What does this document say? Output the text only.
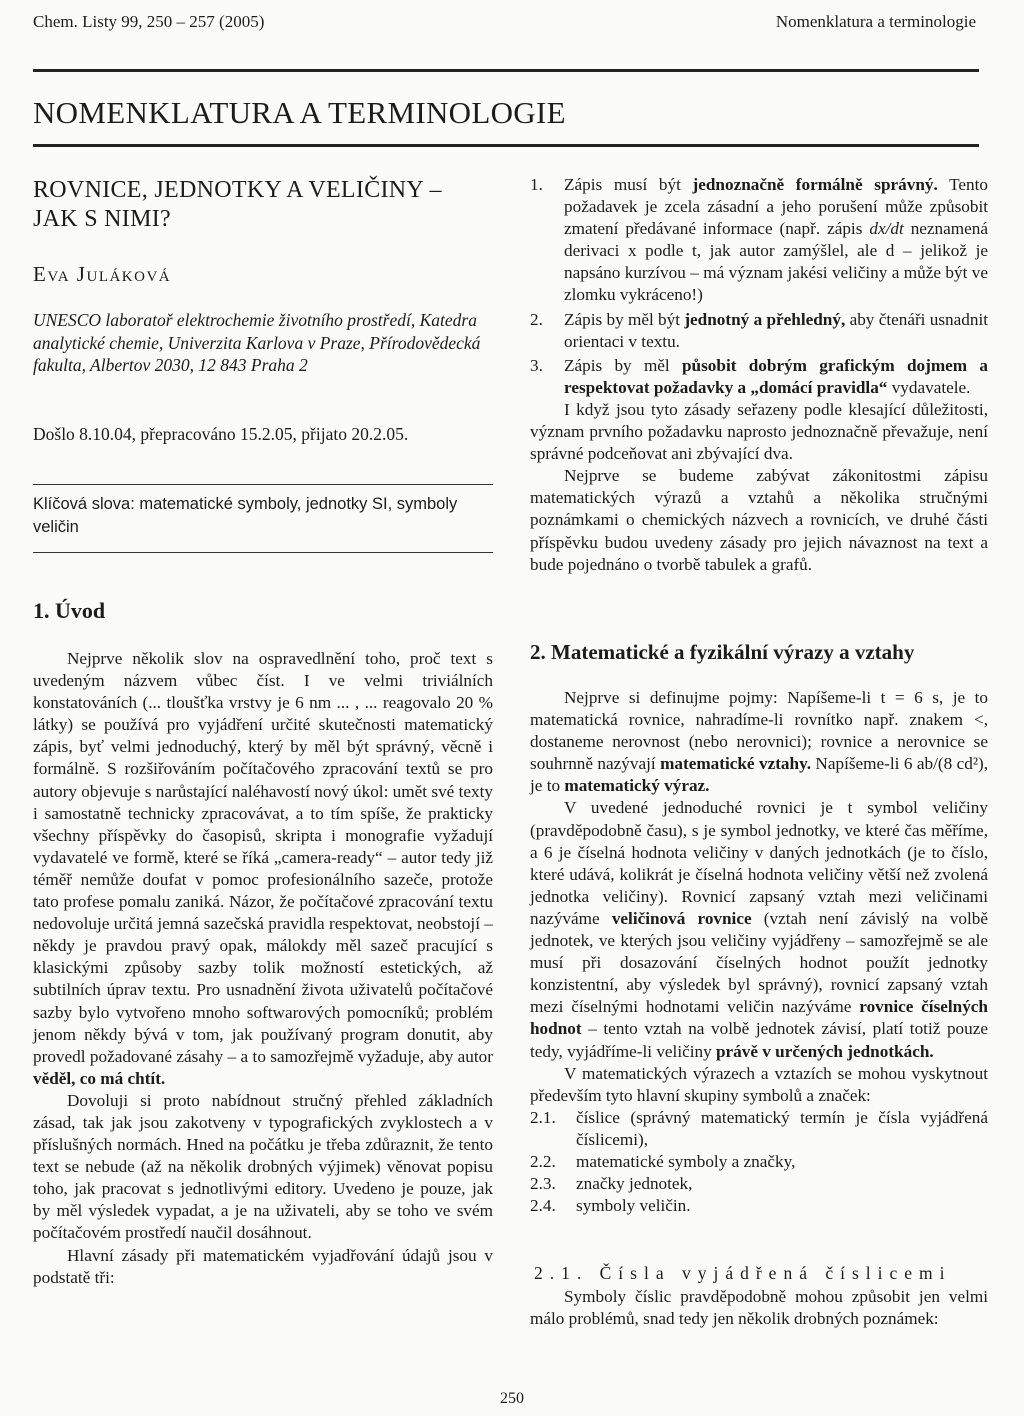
Chem. Listy 99, 250 – 257 (2005)	Nomenklatura a terminologie
NOMENKLATURA A TERMINOLOGIE
ROVNICE, JEDNOTKY A VELIČINY –
JAK S NIMI?
Eva Juláková
UNESCO laboratoř elektrochemie životního prostředí, Katedra analytické chemie, Univerzita Karlova v Praze, Přírodovědecká fakulta, Albertov 2030, 12 843 Praha 2
Došlo 8.10.04, přepracováno 15.2.05, přijato 20.2.05.
Klíčová slova: matematické symboly, jednotky SI, symboly veličin
1. Úvod

Nejprve několik slov na ospravedlnění toho, proč text s uvedeným názvem vůbec číst. I ve velmi triviálních konstatováních (... tloušťka vrstvy je 6 nm ... , ... reagovalo 20 % látky) se používá pro vyjádření určité skutečnosti matematický zápis, byť velmi jednoduchý, který by měl být správný, věcně i formálně. S rozšiřováním počítačového zpracování textů se pro autory objevuje s narůstající naléhavostí nový úkol: umět své texty i samostatně technicky zpracovávat, a to tím spíše, že prakticky všechny příspěvky do časopisů, skripta i monografie vyžadují vydavatelé ve formě, které se říká „camera-ready“ – autor tedy již téměř nemůže doufat v pomoc profesionálního sazeče, protože tato profese pomalu zaniká. Názor, že počítačové zpracování textu nedovoluje určitá jemná sazečská pravidla respektovat, neobstojí – někdy je pravdou pravý opak, málokdy měl sazeč pracující s klasickými způsoby sazby tolik možností estetických, až subtilních úprav textu. Pro usnadnění života uživatelů počítačové sazby bylo vytvořeno mnoho softwarových pomocníků; problém jenom někdy bývá v tom, jak používaný program donutit, aby provedl požadované zásahy – a to samozřejmě vyžaduje, aby autor věděl, co má chtít.

Dovoluji si proto nabídnout stručný přehled základních zásad, tak jak jsou zakotveny v typografických zvyklostech a v příslušných normách. Hned na počátku je třeba zdůraznit, že tento text se nebude (až na několik drobných výjimek) věnovat popisu toho, jak pracovat s jednotlivými editory. Uvedeno je pouze, jak by měl výsledek vypadat, a je na uživateli, aby se toho ve svém počítačovém prostředí naučil dosáhnout.

Hlavní zásady při matematickém vyjadřování údajů jsou v podstatě tři:

1. Zápis musí být jednoznačně formálně správný. Tento požadavek je zcela zásadní a jeho porušení může způsobit zmatení předávané informace (např. zápis dx/dt neznamená derivaci x podle t, jak autor zamýšlel, ale d – jelikož je napsáno kurzívou – má význam jakési veličiny a může být ve zlomku vykráceno!)
2. Zápis by měl být jednotný a přehledný, aby čtenáři usnadnit orientaci v textu.
3. Zápis by měl působit dobrým grafickým dojmem a respektovat požadavky a „domácí pravidla“ vydavatele.

I když jsou tyto zásady seřazeny podle klesající důležitosti, význam prvního požadavku naprosto jednoznačně převažuje, není správné podceňovat ani zbývající dva.

Nejprve se budeme zabývat zákonitostmi zápisu matematických výrazů a vztahů a několika stručnými poznámkami o chemických názvech a rovnicích, ve druhé části příspěvku budou uvedeny zásady pro jejich návaznost na text a bude pojednáno o tvorbě tabulek a grafů.

2. Matematické a fyzikální výrazy a vztahy

Nejprve si definujme pojmy: Napíšeme-li t = 6 s, je to matematická rovnice, nahradíme-li rovnítko např. znakem <, dostaneme nerovnost (nebo nerovnici); rovnice a nerovnice se souhrnně nazývají matematické vztahy. Napíšeme-li 6 ab/(8 cd²), je to matematický výraz.

V uvedené jednoduché rovnici je t symbol veličiny (pravděpodobně času), s je symbol jednotky, ve které čas měříme, a 6 je číselná hodnota veličiny v daných jednotkách (je to číslo, které udává, kolikrát je číselná hodnota veličiny větší než zvolená jednotka veličiny). Rovnicí zapsaný vztah mezi veličinami nazýváme veličinová rovnice (vztah není závislý na volbě jednotek, ve kterých jsou veličiny vyjádřeny – samozřejmě se ale musí při dosazování číselných hodnot použít jednotky konzistentní, aby výsledek byl správný), rovnicí zapsaný vztah mezi číselnými hodnotami veličin nazýváme rovnice číselných hodnot – tento vztah na volbě jednotek závisí, platí totiž pouze tedy, vyjádříme-li veličiny právě v určených jednotkách.

V matematických výrazech a vztazích se mohou vyskytnout především tyto hlavní skupiny symbolů a značek:

2.1. číslice (správný matematický termín je čísla vyjádřená číslicemi),
2.2. matematické symboly a značky,
2.3. značky jednotek,
2.4. symboly veličin.
2.1. Čísla vyjádřená číslicemi

Symboly číslic pravděpodobně mohou způsobit jen velmi málo problémů, snad tedy jen několik drobných poznámek:

250
